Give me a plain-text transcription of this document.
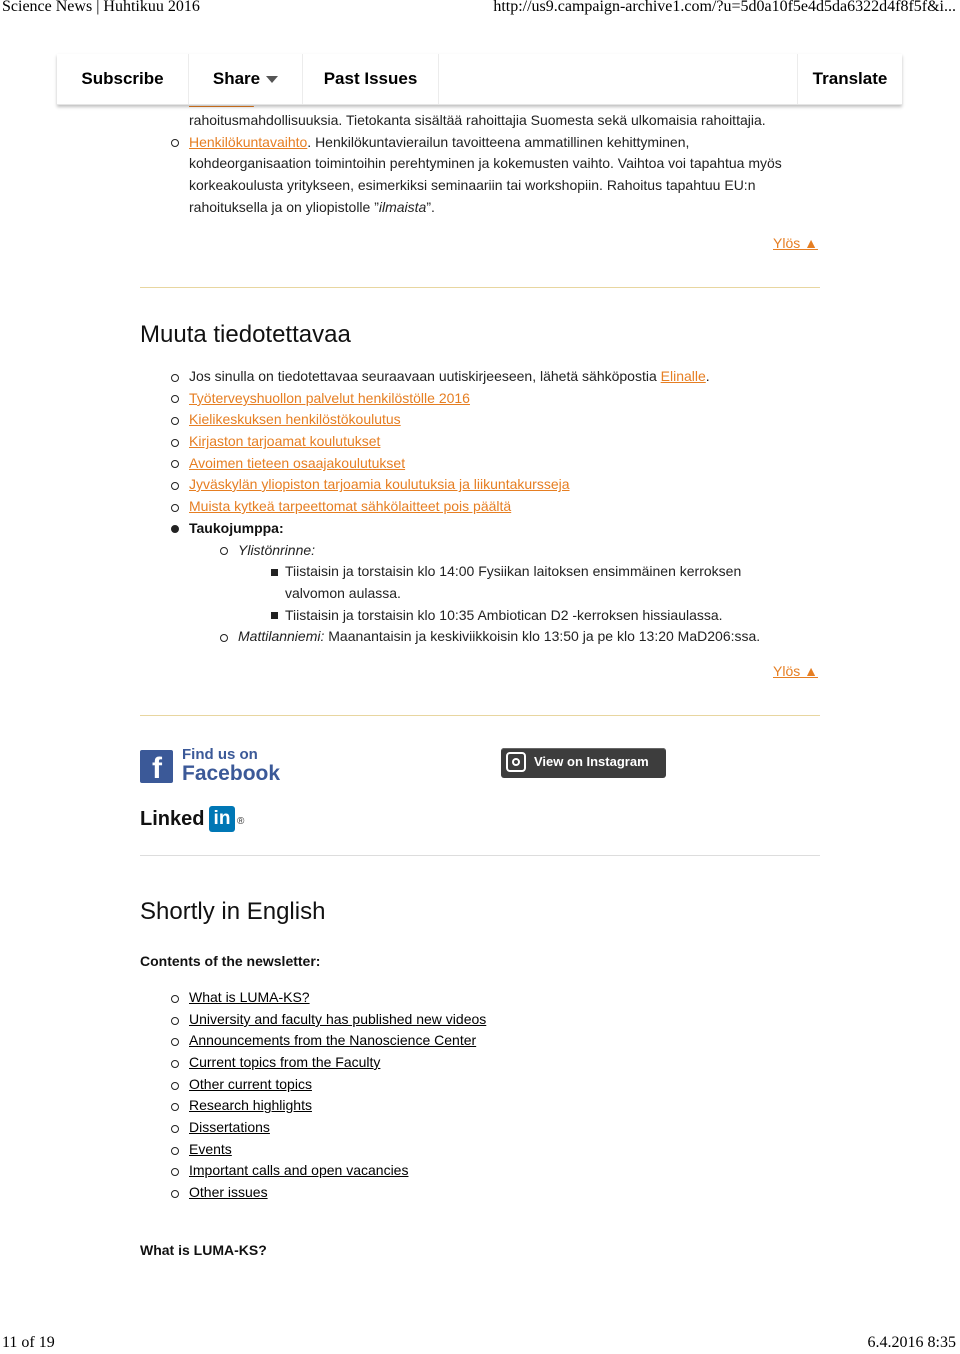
Science News | Huhtikuu 2016	http://us9.campaign-archive1.com/?u=5d0a10f5e4d5da6322d4f8f5f&i...
Subscribe	Share	Past Issues	Translate
rahoitusmahdollisuuksia. Tietokanta sisältää rahoittajia Suomesta sekä ulkomaisia rahoittajia.
Henkilökuntavaihto. Henkilökuntavierailun tavoitteena ammatillinen kehittyminen,
kohdeorganisaation toimintoihin perehtyminen ja kokemusten vaihto. Vaihtoa voi tapahtua myös
korkeakoulusta yritykseen, esimerkiksi seminaariin tai workshopiin. Rahoitus tapahtuu EU:n
rahoituksella ja on yliopistolle ”ilmaista”.
Ylös ▲
Muuta tiedotettavaa
Jos sinulla on tiedotettavaa seuraavaan uutiskirjeeseen, lähetä sähköpostia Elinalle.
Työterveyshuollon palvelut henkilöstölle 2016
Kielikeskuksen henkilöstökoulutus
Kirjaston tarjoamat koulutukset
Avoimen tieteen osaajakoulutukset
Jyväskylän yliopiston tarjoamia koulutuksia ja liikuntakursseja
Muista kytkeä tarpeettomat sähkölaitteet pois päältä
Taukojumppa:
Ylistönrinne:
Tiistaisin ja torstaisin klo 14:00 Fysiikan laitoksen ensimmäinen kerroksen
valvomon aulassa.
Tiistaisin ja torstaisin klo 10:35 Ambiotican D2 -kerroksen hissiaulassa.
Mattilanniemi: Maanantaisin ja keskiviikkoisin klo 13:50 ja pe klo 13:20 MaD206:ssa.
Ylös ▲
f Find us on
Facebook
View on Instagram
Linked in ®
Shortly in English
Contents of the newsletter:
What is LUMA-KS?
University and faculty has published new videos
Announcements from the Nanoscience Center
Current topics from the Faculty
Other current topics
Research highlights
Dissertations
Events
Important calls and open vacancies
Other issues
What is LUMA-KS?
11 of 19	6.4.2016 8:35
